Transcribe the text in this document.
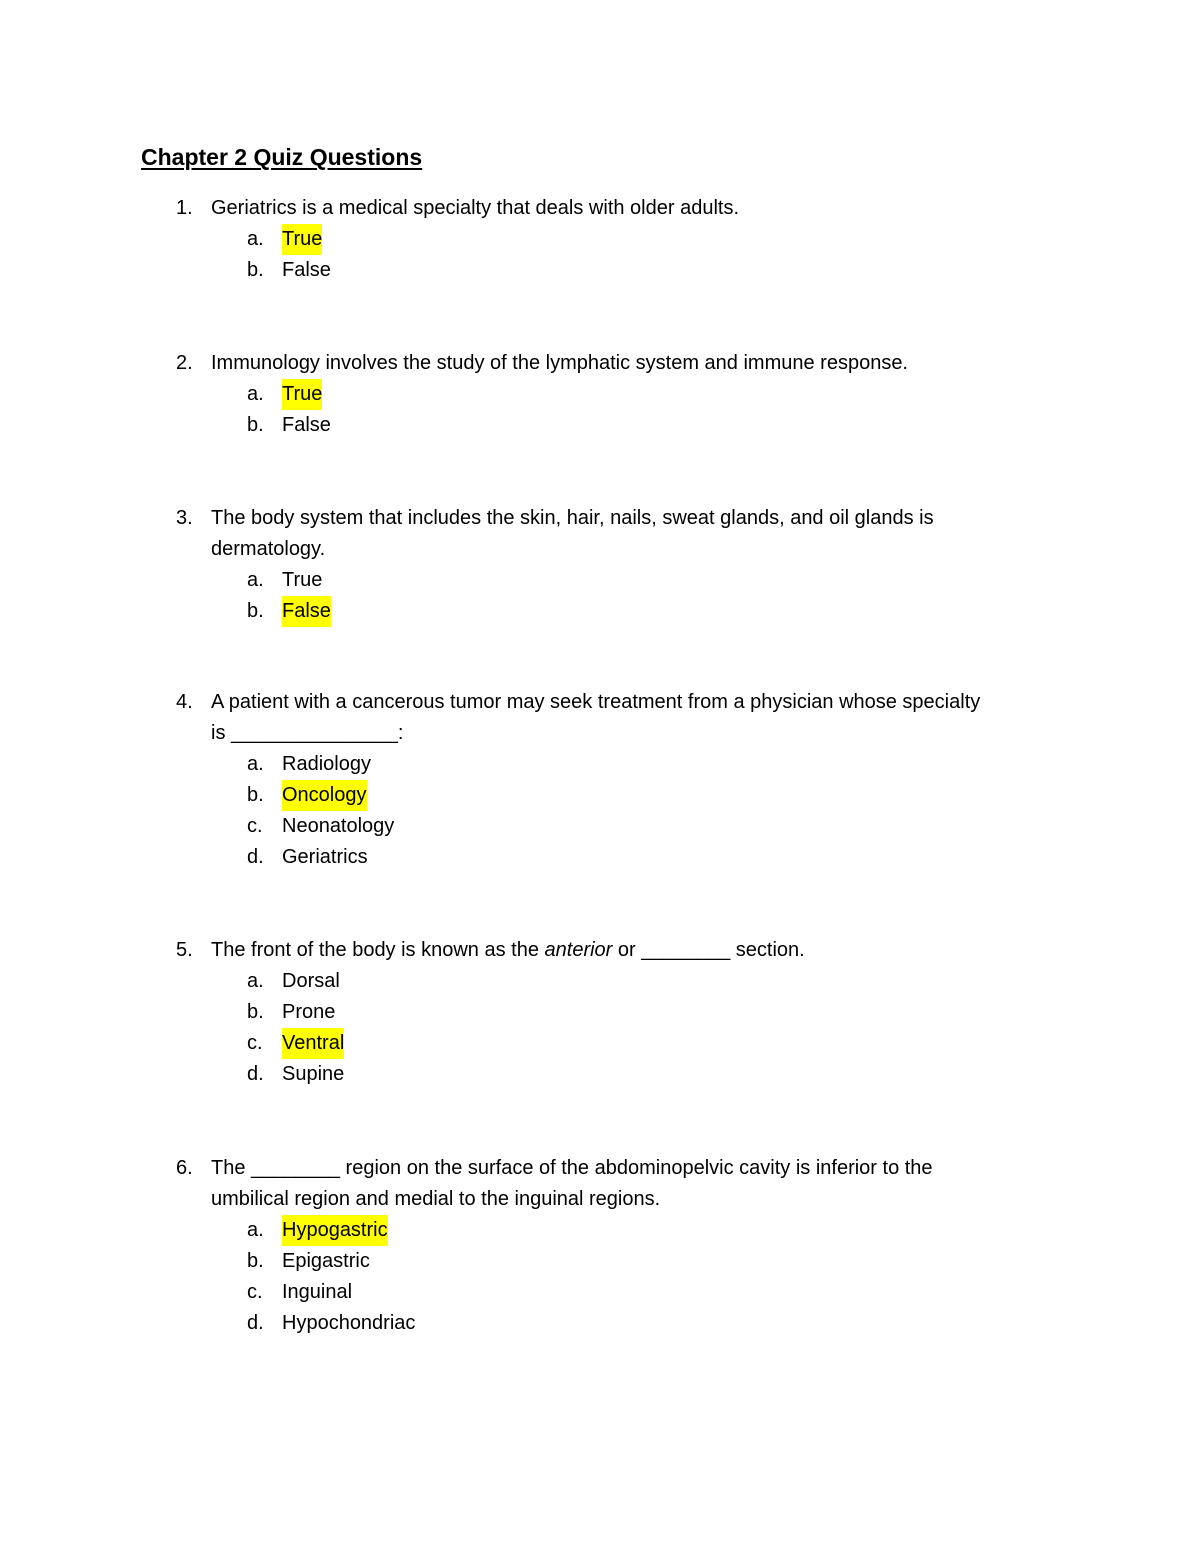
Chapter 2 Quiz Questions
1. Geriatrics is a medical specialty that deals with older adults.
a. True
b. False
2. Immunology involves the study of the lymphatic system and immune response.
a. True
b. False
3. The body system that includes the skin, hair, nails, sweat glands, and oil glands is
dermatology.
a. True
b. False
4. A patient with a cancerous tumor may seek treatment from a physician whose specialty
is _______________:
a. Radiology
b. Oncology
c. Neonatology
d. Geriatrics
5. The front of the body is known as the anterior or ________ section.
a. Dorsal
b. Prone
c. Ventral
d. Supine
6. The ________ region on the surface of the abdominopelvic cavity is inferior to the
umbilical region and medial to the inguinal regions.
a. Hypogastric
b. Epigastric
c. Inguinal
d. Hypochondriac
